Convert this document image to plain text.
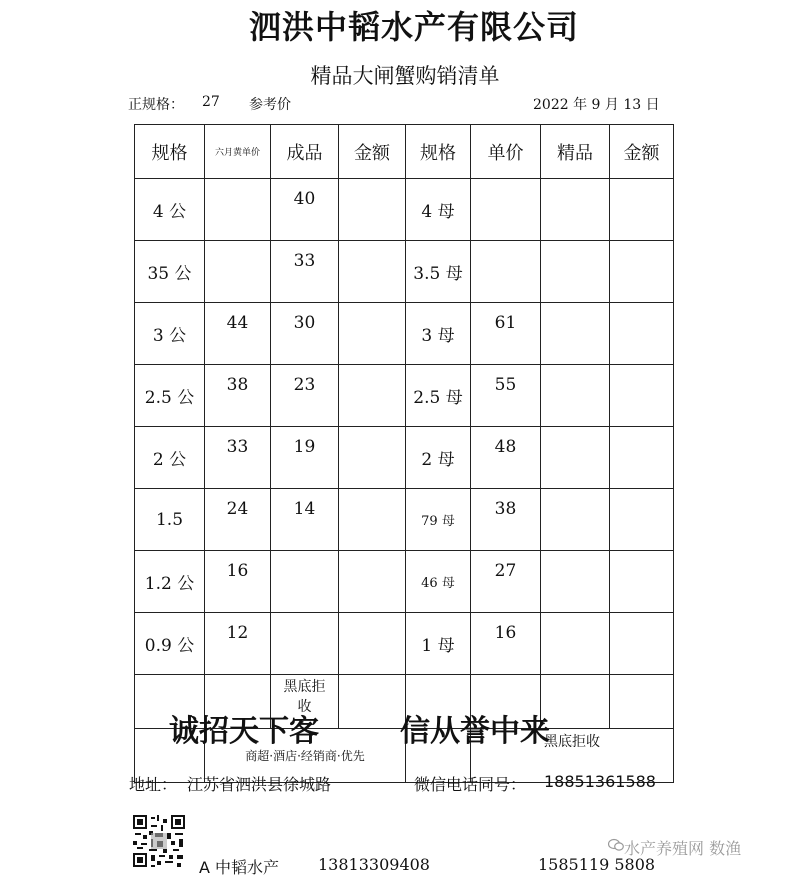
泗洪中韬水产有限公司
精品大闸蟹购销清单
正规格： 27 参考价	2022 年 9 月 13 日
规格	六月黄单价	成品	金额	规格	单价	精品	金额
4 公		40		4 母			
35 公		33		3.5 母			
3 公	44	30		3 母	61		
2.5 公	38	23		2.5 母	55		
2 公	33	19		2 母	48		
1.5	24	14		79 母	38		
1.2 公	16			46 母	27		
0.9 公	12			1 母	16		

		黑底拒收					

	商超·酒店·经销商·优先				黑底拒收		
诚招天下客	信从誉中来
地址： 江苏省泗洪县徐城路	微信电话同号： 18851361588
A 中韬水产 13813309408	1585119 5808
水产养殖网 数渔
